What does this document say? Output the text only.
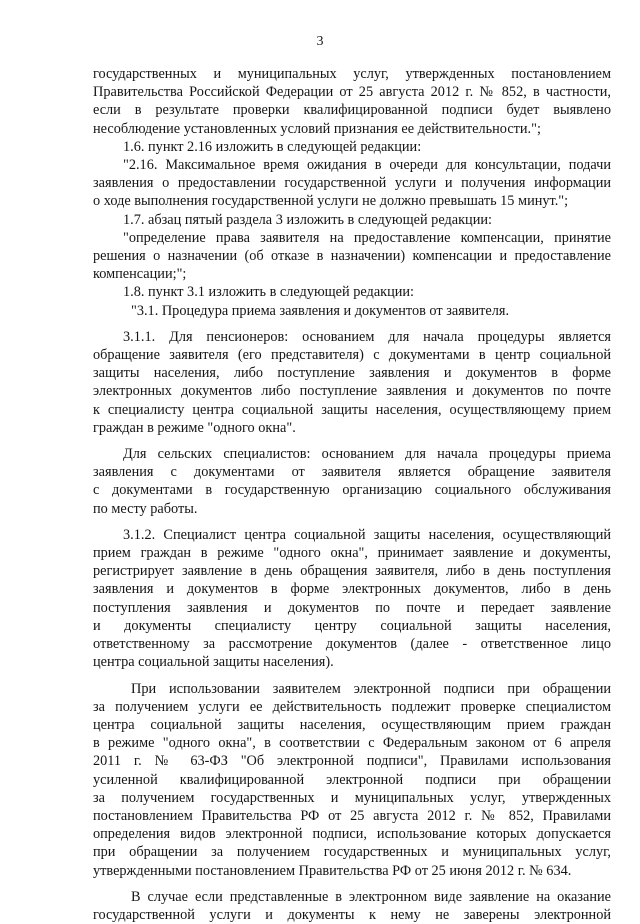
3
государственных и муниципальных услуг, утвержденных постановлением
Правительства Российской Федерации от 25 августа 2012 г. № 852, в частности,
если в результате проверки квалифицированной подписи будет выявлено
несоблюдение установленных условий признания ее действительности.";
1.6. пункт 2.16 изложить в следующей редакции:
"2.16. Максимальное время ожидания в очереди для консультации, подачи
заявления о предоставлении государственной услуги и получения информации
о ходе выполнения государственной услуги не должно превышать 15 минут.";
1.7. абзац пятый раздела 3 изложить в следующей редакции:
"определение права заявителя на предоставление компенсации, принятие
решения о назначении (об отказе в назначении) компенсации и предоставление
компенсации;";
1.8. пункт 3.1 изложить в следующей редакции:
"3.1. Процедура приема заявления и документов от заявителя.
3.1.1. Для пенсионеров: основанием для начала процедуры является
обращение заявителя (его представителя) с документами в центр социальной
защиты населения, либо поступление заявления и документов в форме
электронных документов либо поступление заявления и документов по почте
к специалисту центра социальной защиты населения, осуществляющему прием
граждан в режиме "одного окна".
Для сельских специалистов: основанием для начала процедуры приема
заявления с документами от заявителя является обращение заявителя
с документами в государственную организацию социального обслуживания
по месту работы.
3.1.2. Специалист центра социальной защиты населения, осуществляющий
прием граждан в режиме "одного окна", принимает заявление и документы,
регистрирует заявление в день обращения заявителя, либо в день поступления
заявления и документов в форме электронных документов, либо в день
поступления заявления и документов по почте и передает заявление
и документы специалисту центру социальной защиты населения,
ответственному за рассмотрение документов (далее - ответственное лицо
центра социальной защиты населения).
При использовании заявителем электронной подписи при обращении
за получением услуги ее действительность подлежит проверке специалистом
центра социальной защиты населения, осуществляющим прием граждан
в режиме "одного окна", в соответствии с Федеральным законом от 6 апреля
2011 г. № 63-ФЗ "Об электронной подписи", Правилами использования
усиленной квалифицированной электронной подписи при обращении
за получением государственных и муниципальных услуг, утвержденных
постановлением Правительства РФ от 25 августа 2012 г. № 852, Правилами
определения видов электронной подписи, использование которых допускается
при обращении за получением государственных и муниципальных услуг,
утвержденными постановлением Правительства РФ от 25 июня 2012 г. № 634.
В случае если представленные в электронном виде заявление на оказание
государственной услуги и документы к нему не заверены электронной
